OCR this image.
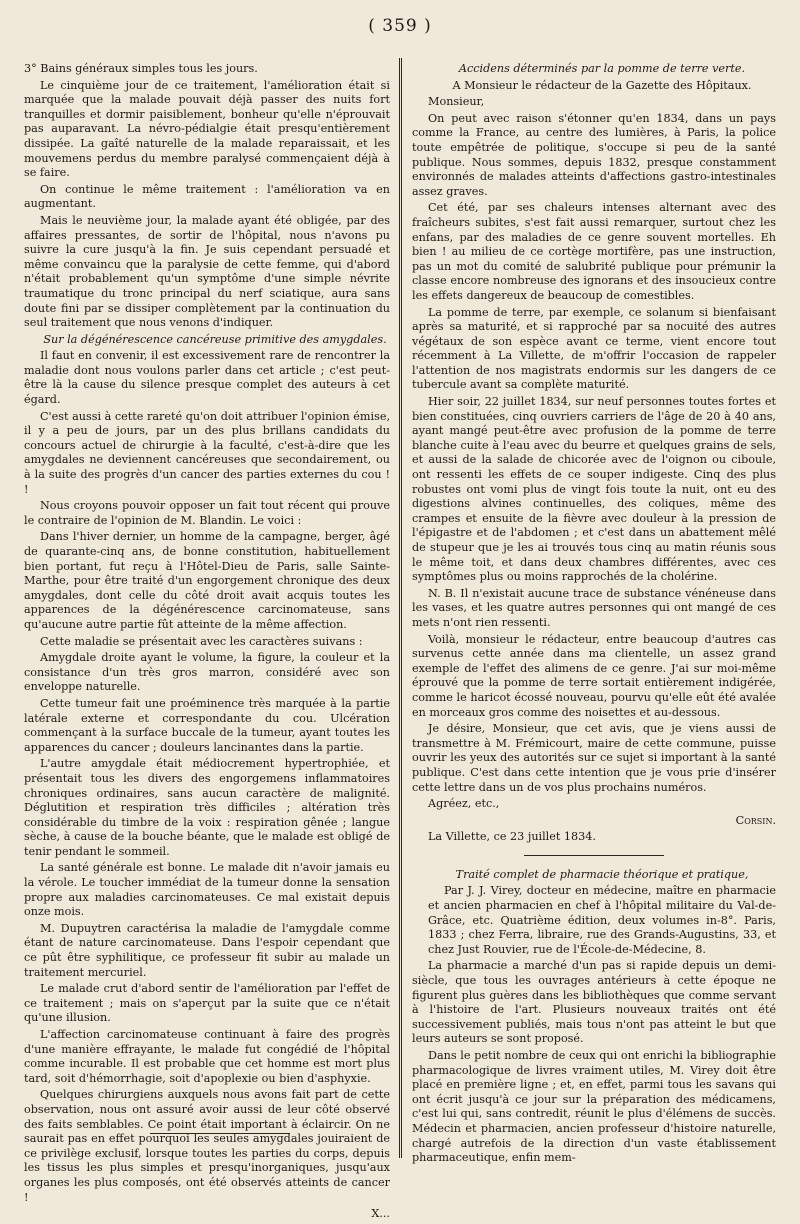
( 359 )

3° Bains généraux simples tous les jours.

Le cinquième jour de ce traitement, l'amélioration était si marquée que la malade pouvait déjà passer des nuits fort tranquilles et dormir paisiblement, bonheur qu'elle n'éprouvait pas auparavant. La névro-pédialgie était presqu'entièrement dissipée. La gaîté naturelle de la malade reparaissait, et les mouvemens perdus du membre paralysé commençaient déjà à se faire.

On continue le même traitement : l'amélioration va en augmentant.

Mais le neuvième jour, la malade ayant été obligée, par des affaires pressantes, de sortir de l'hôpital, nous n'avons pu suivre la cure jusqu'à la fin. Je suis cependant persuadé et même convaincu que la paralysie de cette femme, qui d'abord n'était probablement qu'un symptôme d'une simple névrite traumatique du tronc principal du nerf sciatique, aura sans doute fini par se dissiper complètement par la continuation du seul traitement que nous venons d'indiquer.

Sur la dégénérescence cancéreuse primitive des amygdales.

Il faut en convenir, il est excessivement rare de rencontrer la maladie dont nous voulons parler dans cet article ; c'est peut-être là la cause du silence presque complet des auteurs à cet égard.

C'est aussi à cette rareté qu'on doit attribuer l'opinion émise, il y a peu de jours, par un des plus brillans candidats du concours actuel de chirurgie à la faculté, c'est-à-dire que les amygdales ne deviennent cancéreuses que secondairement, ou à la suite des progrès d'un cancer des parties externes du cou ! !

Nous croyons pouvoir opposer un fait tout récent qui prouve le contraire de l'opinion de M. Blandin. Le voici :

Dans l'hiver dernier, un homme de la campagne, berger, âgé de quarante-cinq ans, de bonne constitution, habituellement bien portant, fut reçu à l'Hôtel-Dieu de Paris, salle Sainte-Marthe, pour être traité d'un engorgement chronique des deux amygdales, dont celle du côté droit avait acquis toutes les apparences de la dégénérescence carcinomateuse, sans qu'aucune autre partie fût atteinte de la même affection.

Cette maladie se présentait avec les caractères suivans :

Amygdale droite ayant le volume, la figure, la couleur et la consistance d'un très gros marron, considéré avec son enveloppe naturelle.

Cette tumeur fait une proéminence très marquée à la partie latérale externe et correspondante du cou. Ulcération commençant à la surface buccale de la tumeur, ayant toutes les apparences du cancer ; douleurs lancinantes dans la partie.

L'autre amygdale était médiocrement hypertrophiée, et présentait tous les divers des engorgemens inflammatoires chroniques ordinaires, sans aucun caractère de malignité. Déglutition et respiration très difficiles ; altération très considérable du timbre de la voix : respiration gênée ; langue sèche, à cause de la bouche béante, que le malade est obligé de tenir pendant le sommeil.

La santé générale est bonne. Le malade dit n'avoir jamais eu la vérole. Le toucher immédiat de la tumeur donne la sensation propre aux maladies carcinomateuses. Ce mal existait depuis onze mois.

M. Dupuytren caractérisa la maladie de l'amygdale comme étant de nature carcinomateuse. Dans l'espoir cependant que ce pût être syphilitique, ce professeur fit subir au malade un traitement mercuriel.

Le malade crut d'abord sentir de l'amélioration par l'effet de ce traitement ; mais on s'aperçut par la suite que ce n'était qu'une illusion.

L'affection carcinomateuse continuant à faire des progrès d'une manière effrayante, le malade fut congédié de l'hôpital comme incurable. Il est probable que cet homme est mort plus tard, soit d'hémorrhagie, soit d'apoplexie ou bien d'asphyxie.

Quelques chirurgiens auxquels nous avons fait part de cette observation, nous ont assuré avoir aussi de leur côté observé des faits semblables. Ce point était important à éclaircir. On ne saurait pas en effet pourquoi les seules amygdales jouiraient de ce privilège exclusif, lorsque toutes les parties du corps, depuis les tissus les plus simples et presqu'inorganiques, jusqu'aux organes les plus composés, ont été observés atteints de cancer !

X...

Accidens déterminés par la pomme de terre verte.

A Monsieur le rédacteur de la Gazette des Hôpitaux.

Monsieur,

On peut avec raison s'étonner qu'en 1834, dans un pays comme la France, au centre des lumières, à Paris, la police toute empêtrée de politique, s'occupe si peu de la santé publique. Nous sommes, depuis 1832, presque constamment environnés de malades atteints d'affections gastro-intestinales assez graves.

Cet été, par ses chaleurs intenses alternant avec des fraîcheurs subites, s'est fait aussi remarquer, surtout chez les enfans, par des maladies de ce genre souvent mortelles. Eh bien ! au milieu de ce cortège mortifère, pas une instruction, pas un mot du comité de salubrité publique pour prémunir la classe encore nombreuse des ignorans et des insoucieux contre les effets dangereux de beaucoup de comestibles.

La pomme de terre, par exemple, ce solanum si bienfaisant après sa maturité, et si rapproché par sa nocuité des autres végétaux de son espèce avant ce terme, vient encore tout récemment à La Villette, de m'offrir l'occasion de rappeler l'attention de nos magistrats endormis sur les dangers de ce tubercule avant sa complète maturité.

Hier soir, 22 juillet 1834, sur neuf personnes toutes fortes et bien constituées, cinq ouvriers carriers de l'âge de 20 à 40 ans, ayant mangé peut-être avec profusion de la pomme de terre blanche cuite à l'eau avec du beurre et quelques grains de sels, et aussi de la salade de chicorée avec de l'oignon ou ciboule, ont ressenti les effets de ce souper indigeste. Cinq des plus robustes ont vomi plus de vingt fois toute la nuit, ont eu des digestions alvines continuelles, des coliques, même des crampes et ensuite de la fièvre avec douleur à la pression de l'épigastre et de l'abdomen ; et c'est dans un abattement mêlé de stupeur que je les ai trouvés tous cinq au matin réunis sous le même toit, et dans deux chambres différentes, avec ces symptômes plus ou moins rapprochés de la cholérine.

N. B. Il n'existait aucune trace de substance vénéneuse dans les vases, et les quatre autres personnes qui ont mangé de ces mets n'ont rien ressenti.

Voilà, monsieur le rédacteur, entre beaucoup d'autres cas survenus cette année dans ma clientelle, un assez grand exemple de l'effet des alimens de ce genre. J'ai sur moi-même éprouvé que la pomme de terre sortait entièrement indigérée, comme le haricot écossé nouveau, pourvu qu'elle eût été avalée en morceaux gros comme des noisettes et au-dessous.

Je désire, Monsieur, que cet avis, que je viens aussi de transmettre à M. Frémicourt, maire de cette commune, puisse ouvrir les yeux des autorités sur ce sujet si important à la santé publique. C'est dans cette intention que je vous prie d'insérer cette lettre dans un de vos plus prochains numéros.

Agréez, etc.,

Corsin.

La Villette, ce 23 juillet 1834.

Traité complet de pharmacie théorique et pratique,

Par J. J. Virey, docteur en médecine, maître en pharmacie et ancien pharmacien en chef à l'hôpital militaire du Val-de-Grâce, etc. Quatrième édition, deux volumes in-8°. Paris, 1833 ; chez Ferra, libraire, rue des Grands-Augustins, 33, et chez Just Rouvier, rue de l'École-de-Médecine, 8.

La pharmacie a marché d'un pas si rapide depuis un demi-siècle, que tous les ouvrages antérieurs à cette époque ne figurent plus guères dans les bibliothèques que comme servant à l'histoire de l'art. Plusieurs nouveaux traités ont été successivement publiés, mais tous n'ont pas atteint le but que leurs auteurs se sont proposé.

Dans le petit nombre de ceux qui ont enrichi la bibliographie pharmacologique de livres vraiment utiles, M. Virey doit être placé en première ligne ; et, en effet, parmi tous les savans qui ont écrit jusqu'à ce jour sur la préparation des médicamens, c'est lui qui, sans contredit, réunit le plus d'élémens de succès. Médecin et pharmacien, ancien professeur d'histoire naturelle, chargé autrefois de la direction d'un vaste établissement pharmaceutique, enfin mem-
